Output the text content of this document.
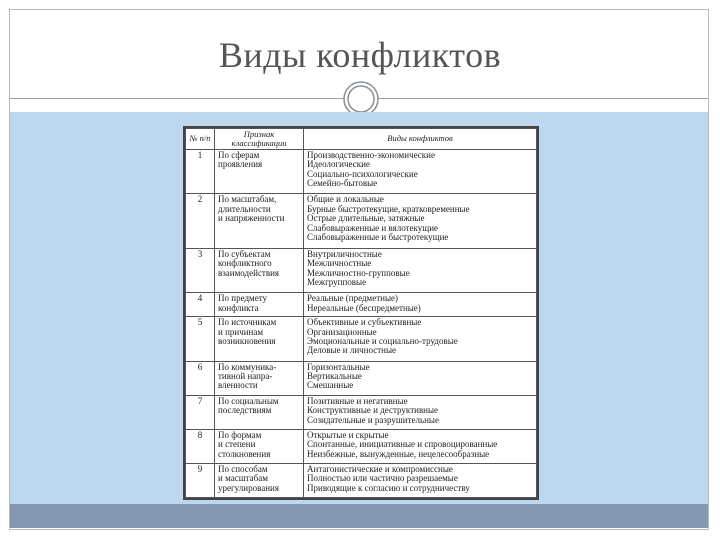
Виды конфликтов
№ п/п	Признак классификации	Виды конфликтов
1	По сферам
проявления	Производственно-экономические
Идеологические
Социально-психологические
Семейно-бытовые

2	По масштабам,
длительности
и напряженности	Общие и локальные
Бурные быстротекущие, кратковременные
Острые длительные, затяжные
Слабовыраженные и вялотекущие
Слабовыраженные и быстротекущие

3	По субъектам
конфликтного
взаимодействия	Внутриличностные
Межличностные
Межличностно-групповые
Межгрупповые

4	По предмету
конфликта	Реальные (предметные)
Нереальные (беспредметные)

5	По источникам
и причинам
возникновения	Объективные и субъективные
Организационные
Эмоциональные и социально-трудовые
Деловые и личностные

6	По коммуника-
тивной напра-
вленности	Горизонтальные
Вертикальные
Смешанные

7	По социальным
последствиям	Позитивные и негативные
Конструктивные и деструктивные
Созидательные и разрушительные

8	По формам
и степени
столкновения	Открытые и скрытые
Спонтанные, инициативные и спровоцированные
Неизбежные, вынужденные, нецелесообразные

9	По способам
и масштабам
урегулирования	Антагонистические и компромиссные
Полностью или частично разрешаемые
Приводящие к согласию и сотрудничеству
